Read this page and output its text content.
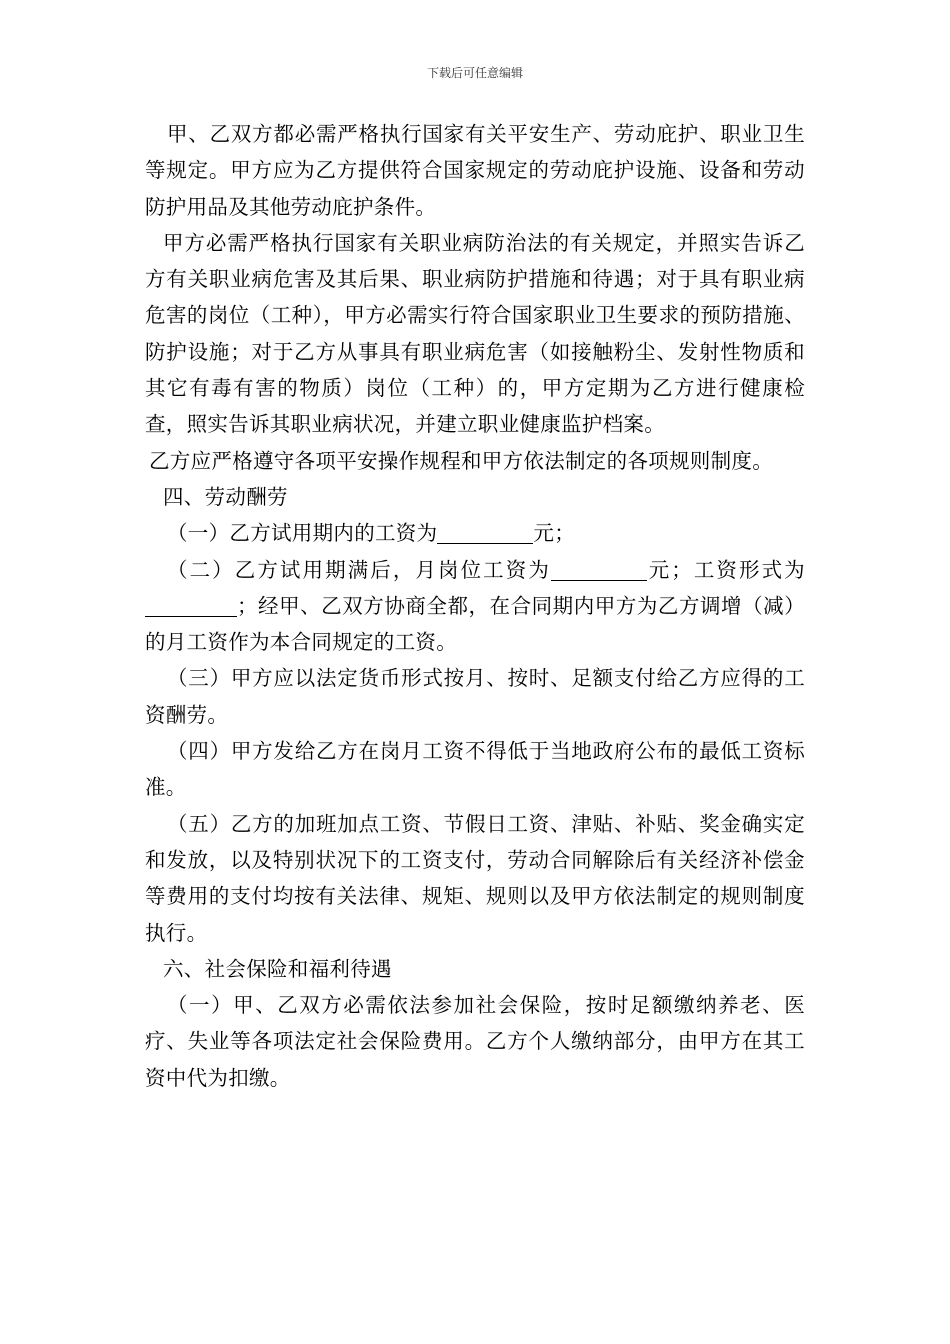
下载后可任意编辑

甲、乙双方都必需严格执行国家有关平安生产、劳动庇护、职业卫生等规定。甲方应为乙方提供符合国家规定的劳动庇护设施、设备和劳动防护用品及其他劳动庇护条件。

甲方必需严格执行国家有关职业病防治法的有关规定，并照实告诉乙方有关职业病危害及其后果、职业病防护措施和待遇；对于具有职业病危害的岗位（工种），甲方必需实行符合国家职业卫生要求的预防措施、防护设施；对于乙方从事具有职业病危害（如接触粉尘、发射性物质和其它有毒有害的物质）岗位（工种）的，甲方定期为乙方进行健康检查，照实告诉其职业病状况，并建立职业健康监护档案。

乙方应严格遵守各项平安操作规程和甲方依法制定的各项规则制度。

四、劳动酬劳

（一）乙方试用期内的工资为	元；

（二）乙方试用期满后，月岗位工资为	元；工资形式为；经甲、乙双方协商全都，在合同期内甲方为乙方调增（减）的月工资作为本合同规定的工资。

（三）甲方应以法定货币形式按月、按时、足额支付给乙方应得的工资酬劳。

（四）甲方发给乙方在岗月工资不得低于当地政府公布的最低工资标准。

（五）乙方的加班加点工资、节假日工资、津贴、补贴、奖金确实定和发放，以及特别状况下的工资支付，劳动合同解除后有关经济补偿金等费用的支付均按有关法律、规矩、规则以及甲方依法制定的规则制度执行。

六、社会保险和福利待遇

（一）甲、乙双方必需依法参加社会保险，按时足额缴纳养老、医疗、失业等各项法定社会保险费用。乙方个人缴纳部分，由甲方在其工资中代为扣缴。
